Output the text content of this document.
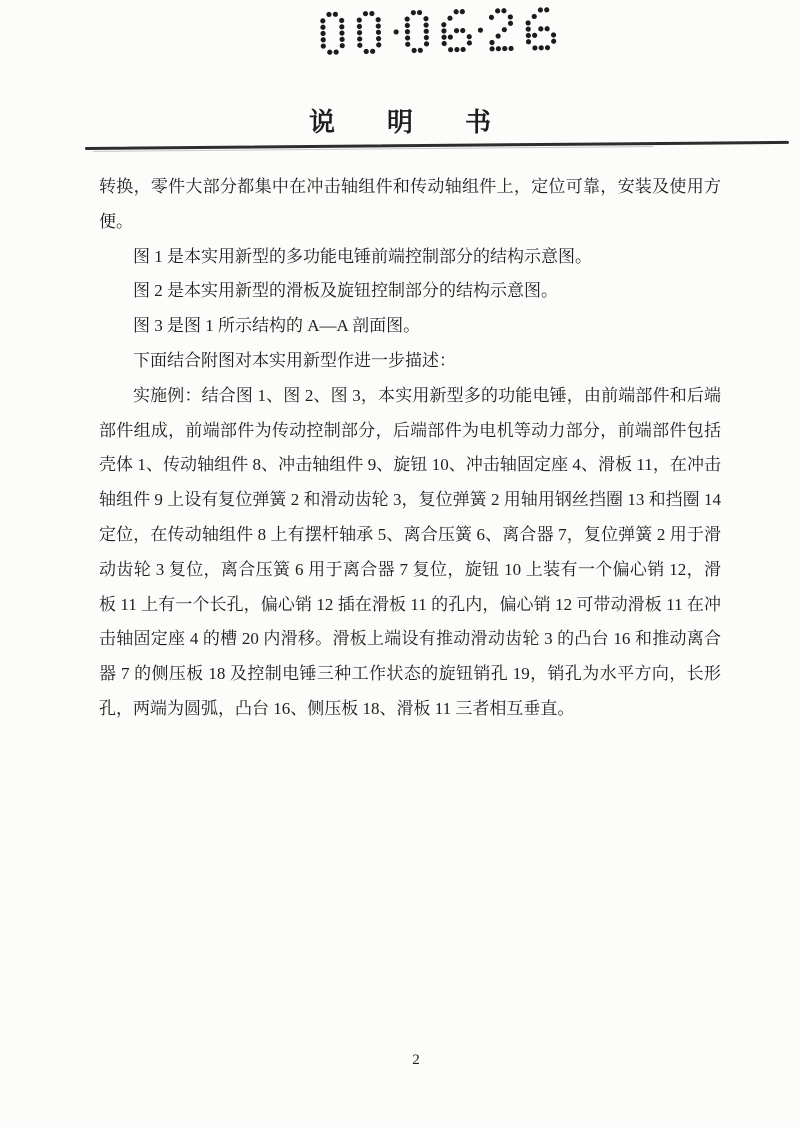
说明书

转换，零件大部分都集中在冲击轴组件和传动轴组件上，定位可靠，安装及使用方便。

图 1 是本实用新型的多功能电锤前端控制部分的结构示意图。

图 2 是本实用新型的滑板及旋钮控制部分的结构示意图。

图 3 是图 1 所示结构的 A—A 剖面图。

下面结合附图对本实用新型作进一步描述：

实施例：结合图 1、图 2、图 3，本实用新型多的功能电锤，由前端部件和后端部件组成，前端部件为传动控制部分，后端部件为电机等动力部分，前端部件包括壳体 1、传动轴组件 8、冲击轴组件 9、旋钮 10、冲击轴固定座 4、滑板 11，在冲击轴组件 9 上设有复位弹簧 2 和滑动齿轮 3，复位弹簧 2 用轴用钢丝挡圈 13 和挡圈 14 定位，在传动轴组件 8 上有摆杆轴承 5、离合压簧 6、离合器 7，复位弹簧 2 用于滑动齿轮 3 复位，离合压簧 6 用于离合器 7 复位，旋钮 10 上装有一个偏心销 12，滑板 11 上有一个长孔，偏心销 12 插在滑板 11 的孔内，偏心销 12 可带动滑板 11 在冲击轴固定座 4 的槽 20 内滑移。滑板上端设有推动滑动齿轮 3 的凸台 16 和推动离合器 7 的侧压板 18 及控制电锤三种工作状态的旋钮销孔 19，销孔为水平方向，长形孔，两端为圆弧，凸台 16、侧压板 18、滑板 11 三者相互垂直。

2
